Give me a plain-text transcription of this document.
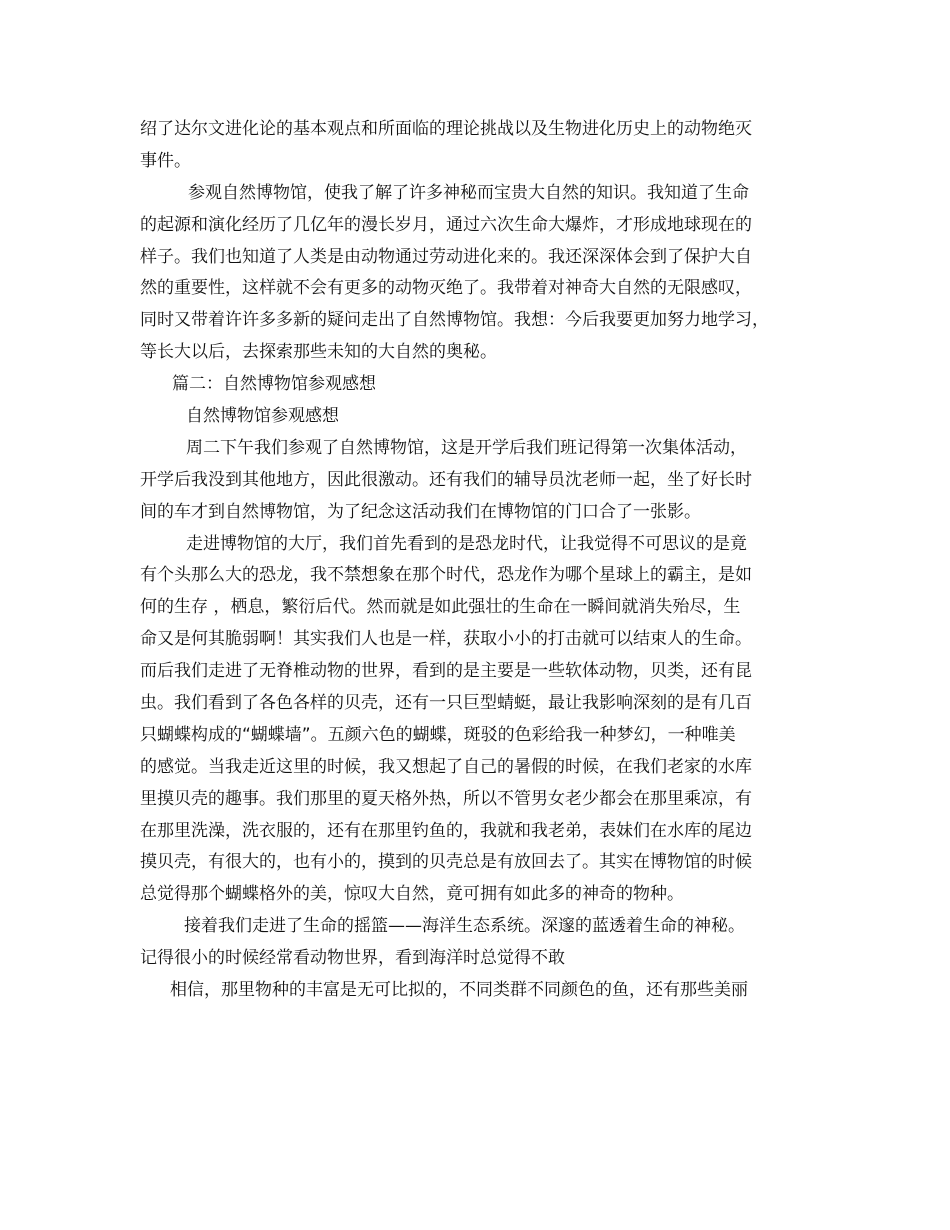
绍了达尔文进化论的基本观点和所面临的理论挑战以及生物进化历史上的动物绝灭
事件。
参观自然博物馆，使我了解了许多神秘而宝贵大自然的知识。我知道了生命
的起源和演化经历了几亿年的漫长岁月，通过六次生命大爆炸，才形成地球现在的
样子。我们也知道了人类是由动物通过劳动进化来的。我还深深体会到了保护大自
然的重要性，这样就不会有更多的动物灭绝了。我带着对神奇大自然的无限感叹，
同时又带着许许多多新的疑问走出了自然博物馆。我想：今后我要更加努力地学习，
等长大以后，去探索那些未知的大自然的奥秘。
篇二：自然博物馆参观感想
自然博物馆参观感想
周二下午我们参观了自然博物馆，这是开学后我们班记得第一次集体活动，
开学后我没到其他地方，因此很激动。还有我们的辅导员沈老师一起，坐了好长时
间的车才到自然博物馆，为了纪念这活动我们在博物馆的门口合了一张影。
走进博物馆的大厅，我们首先看到的是恐龙时代，让我觉得不可思议的是竟
有个头那么大的恐龙，我不禁想象在那个时代，恐龙作为哪个星球上的霸主，是如
何的生存 ，栖息，繁衍后代。然而就是如此强壮的生命在一瞬间就消失殆尽，生
命又是何其脆弱啊！其实我们人也是一样，获取小小的打击就可以结束人的生命。
而后我们走进了无脊椎动物的世界，看到的是主要是一些软体动物，贝类，还有昆
虫。我们看到了各色各样的贝壳，还有一只巨型蜻蜓，最让我影响深刻的是有几百
只蝴蝶构成的“蝴蝶墙”。五颜六色的蝴蝶，斑驳的色彩给我一种梦幻，一种唯美
的感觉。当我走近这里的时候，我又想起了自己的暑假的时候，在我们老家的水库
里摸贝壳的趣事。我们那里的夏天格外热，所以不管男女老少都会在那里乘凉，有
在那里洗澡，洗衣服的，还有在那里钓鱼的，我就和我老弟，表妹们在水库的尾边
摸贝壳，有很大的，也有小的，摸到的贝壳总是有放回去了。其实在博物馆的时候
总觉得那个蝴蝶格外的美，惊叹大自然，竟可拥有如此多的神奇的物种。
接着我们走进了生命的摇篮——海洋生态系统。深邃的蓝透着生命的神秘。
记得很小的时候经常看动物世界，看到海洋时总觉得不敢
相信，那里物种的丰富是无可比拟的，不同类群不同颜色的鱼，还有那些美丽
